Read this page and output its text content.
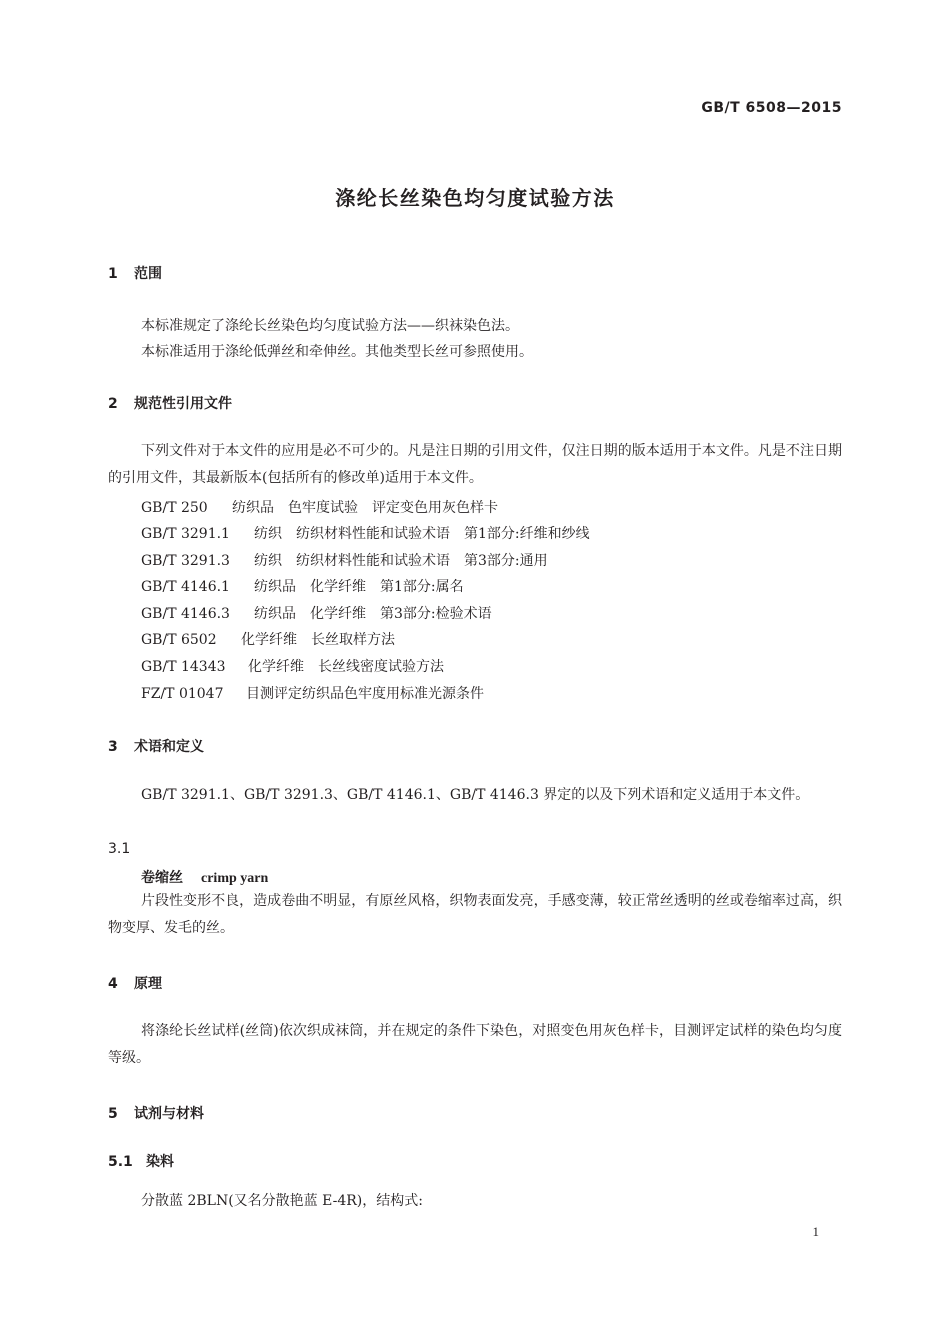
GB/T 6508—2015
涤纶长丝染色均匀度试验方法
1 范围
本标准规定了涤纶长丝染色均匀度试验方法——织袜染色法。
本标准适用于涤纶低弹丝和牵伸丝。其他类型长丝可参照使用。
2 规范性引用文件
下列文件对于本文件的应用是必不可少的。凡是注日期的引用文件，仅注日期的版本适用于本文件。凡是不注日期的引用文件，其最新版本(包括所有的修改单)适用于本文件。
GB/T 250 纺织品　色牢度试验　评定变色用灰色样卡
GB/T 3291.1 纺织　纺织材料性能和试验术语　第1部分:纤维和纱线
GB/T 3291.3 纺织　纺织材料性能和试验术语　第3部分:通用
GB/T 4146.1 纺织品　化学纤维　第1部分:属名
GB/T 4146.3 纺织品　化学纤维　第3部分:检验术语
GB/T 6502 化学纤维　长丝取样方法
GB/T 14343 化学纤维　长丝线密度试验方法
FZ/T 01047 目测评定纺织品色牢度用标准光源条件
3 术语和定义
GB/T 3291.1、GB/T 3291.3、GB/T 4146.1、GB/T 4146.3 界定的以及下列术语和定义适用于本文件。
3.1
卷缩丝 crimp yarn
片段性变形不良，造成卷曲不明显，有原丝风格，织物表面发亮，手感变薄，较正常丝透明的丝或卷缩率过高，织物变厚、发毛的丝。
4 原理
将涤纶长丝试样(丝筒)依次织成袜筒，并在规定的条件下染色，对照变色用灰色样卡，目测评定试样的染色均匀度等级。
5 试剂与材料
5.1 染料
分散蓝 2BLN(又名分散艳蓝 E-4R)，结构式:
1
